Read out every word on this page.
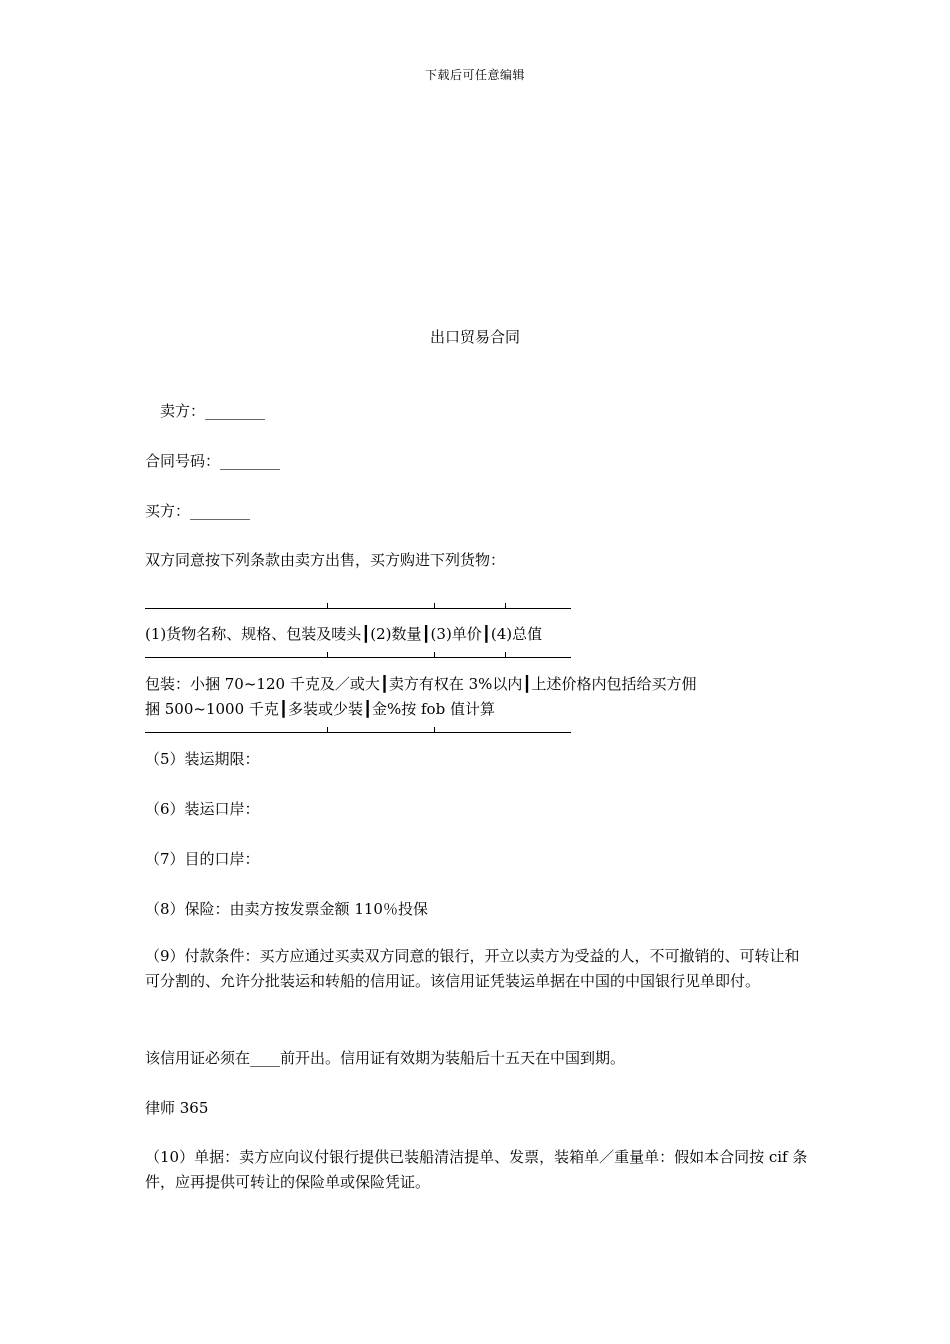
下载后可任意编辑
出口贸易合同
卖方：________
合同号码：________
买方：________
双方同意按下列条款由卖方出售，买方购进下列货物：
(1)货物名称、规格、包装及唛头┃(2)数量┃(3)单价┃(4)总值
包装：小捆 70~120 千克及／或大┃卖方有权在 3%以内┃上述价格内包括给买方佣
捆 500~1000 千克┃多装或少装┃金%按 fob 值计算
（5）装运期限：
（6）装运口岸：
（7）目的口岸：
（8）保险：由卖方按发票金额 110％投保
（9）付款条件：买方应通过买卖双方同意的银行，开立以卖方为受益的人，不可撤销的、可转让和可分割的、允许分批装运和转船的信用证。该信用证凭装运单据在中国的中国银行见单即付。
该信用证必须在____前开出。信用证有效期为装船后十五天在中国到期。
律师 365
（10）单据：卖方应向议付银行提供已装船清洁提单、发票，装箱单／重量单：假如本合同按 cif 条件，应再提供可转让的保险单或保险凭证。
